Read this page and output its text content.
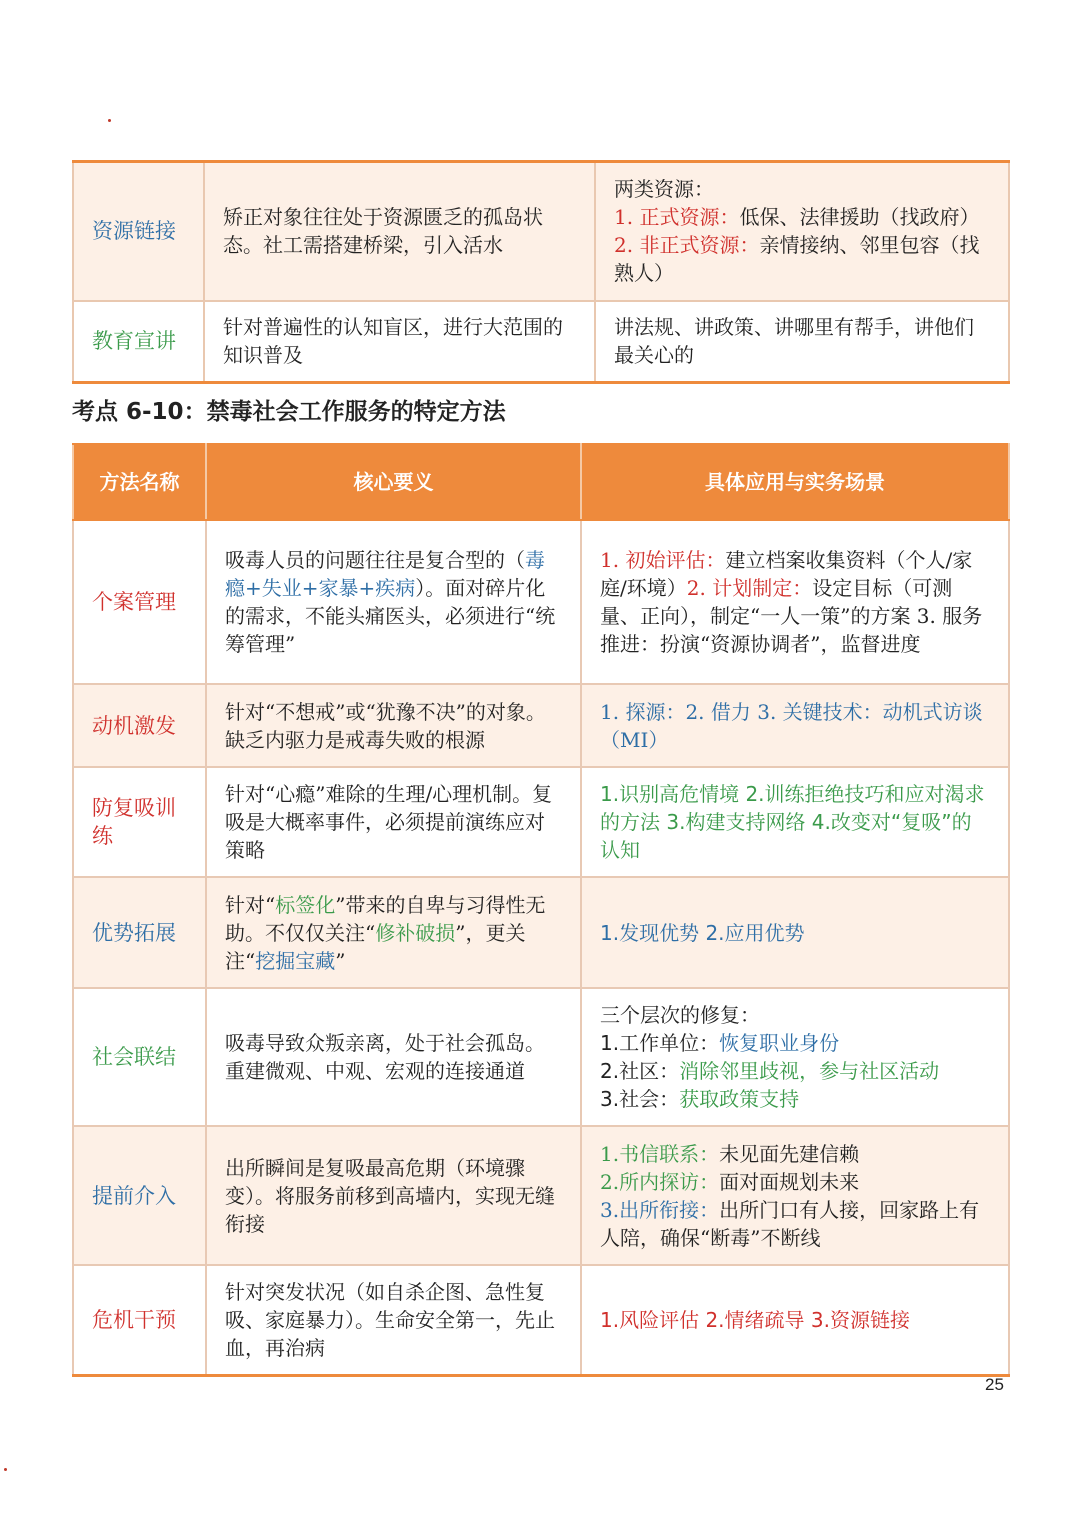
资源链接	矫正对象往往处于资源匮乏的孤岛状态。社工需搭建桥梁，引入活水	两类资源：
1. 正式资源：低保、法律援助（找政府）
2. 非正式资源：亲情接纳、邻里包容（找熟人）

教育宣讲	针对普遍性的认知盲区，进行大范围的知识普及	讲法规、讲政策、讲哪里有帮手，讲他们最关心的
考点 6-10：禁毒社会工作服务的特定方法
方法名称	核心要义	具体应用与实务场景
个案管理	吸毒人员的问题往往是复合型的（毒瘾+失业+家暴+疾病）。面对碎片化的需求，不能头痛医头，必须进行“统筹管理”	1. 初始评估：建立档案收集资料（个人/家庭/环境）2. 计划制定：设定目标（可测量、正向），制定“一人一策”的方案 3. 服务推进：扮演“资源协调者”，监督进度
动机激发	针对“不想戒”或“犹豫不决”的对象。缺乏内驱力是戒毒失败的根源	1. 探源：2. 借力 3. 关键技术：动机式访谈（MI）
防复吸训练	针对“心瘾”难除的生理/心理机制。复吸是大概率事件，必须提前演练应对策略	1.识别高危情境 2.训练拒绝技巧和应对渴求的方法 3.构建支持网络 4.改变对“复吸”的认知
优势拓展	针对“标签化”带来的自卑与习得性无助。不仅仅关注“修补破损”，更关注“挖掘宝藏”	1.发现优势 2.应用优势
社会联结	吸毒导致众叛亲离，处于社会孤岛。重建微观、中观、宏观的连接通道	三个层次的修复：
1.工作单位：恢复职业身份
2.社区：消除邻里歧视，参与社区活动
3.社会：获取政策支持

提前介入	出所瞬间是复吸最高危期（环境骤变）。将服务前移到高墙内，实现无缝衔接	1.书信联系：未见面先建信赖
2.所内探访：面对面规划未来
3.出所衔接：出所门口有人接，回家路上有人陪，确保“断毒”不断线

危机干预	针对突发状况（如自杀企图、急性复吸、家庭暴力）。生命安全第一，先止血，再治病	1.风险评估 2.情绪疏导 3.资源链接
25
